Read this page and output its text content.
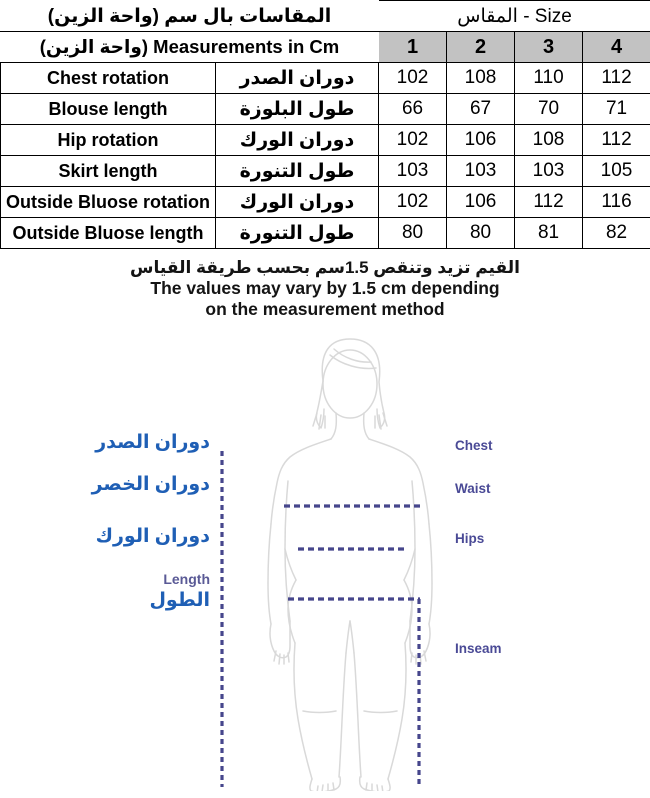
المقاسات بال سم (واحة الزين)		Size - المقاس			
Measurements in Cm (واحة الزين)		1	2	3	4
Chest rotation	دوران الصدر	102	108	110	112
Blouse length	طول البلوزة	66	67	70	71
Hip rotation	دوران الورك	102	106	108	112
Skirt length	طول التنورة	103	103	103	105
Outside Bluose rotation	دوران الورك	102	106	112	116
Outside Bluose length	طول التنورة	80	80	81	82
القيم تزيد وتنقص 1.5سم بحسب طريقة القياس
The values may vary by 1.5 cm depending
on the measurement method
دوران الصدر
دوران الخصر
دوران الورك
Length
الطول
Chest
Waist
Hips
Inseam
